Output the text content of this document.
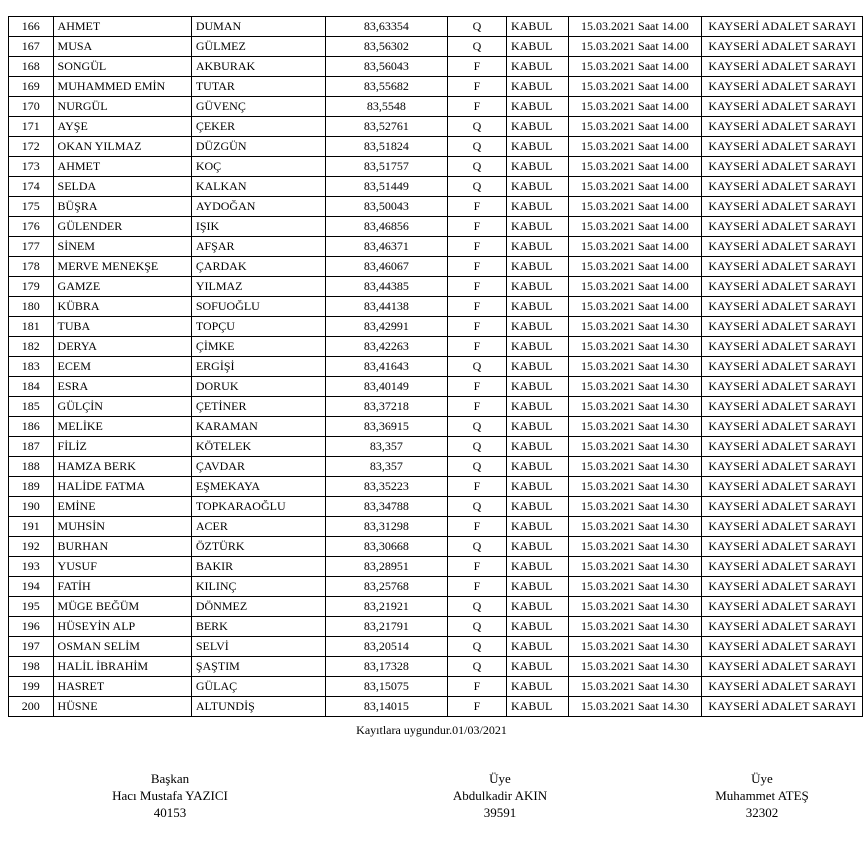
166	AHMET	DUMAN	83,63354	Q	KABUL	15.03.2021 Saat 14.00	KAYSERİ ADALET SARAYI
167	MUSA	GÜLMEZ	83,56302	Q	KABUL	15.03.2021 Saat 14.00	KAYSERİ ADALET SARAYI
168	SONGÜL	AKBURAK	83,56043	F	KABUL	15.03.2021 Saat 14.00	KAYSERİ ADALET SARAYI
169	MUHAMMED EMİN	TUTAR	83,55682	F	KABUL	15.03.2021 Saat 14.00	KAYSERİ ADALET SARAYI
170	NURGÜL	GÜVENÇ	83,5548	F	KABUL	15.03.2021 Saat 14.00	KAYSERİ ADALET SARAYI
171	AYŞE	ÇEKER	83,52761	Q	KABUL	15.03.2021 Saat 14.00	KAYSERİ ADALET SARAYI
172	OKAN YILMAZ	DÜZGÜN	83,51824	Q	KABUL	15.03.2021 Saat 14.00	KAYSERİ ADALET SARAYI
173	AHMET	KOÇ	83,51757	Q	KABUL	15.03.2021 Saat 14.00	KAYSERİ ADALET SARAYI
174	SELDA	KALKAN	83,51449	Q	KABUL	15.03.2021 Saat 14.00	KAYSERİ ADALET SARAYI
175	BÜŞRA	AYDOĞAN	83,50043	F	KABUL	15.03.2021 Saat 14.00	KAYSERİ ADALET SARAYI
176	GÜLENDER	IŞIK	83,46856	F	KABUL	15.03.2021 Saat 14.00	KAYSERİ ADALET SARAYI
177	SİNEM	AFŞAR	83,46371	F	KABUL	15.03.2021 Saat 14.00	KAYSERİ ADALET SARAYI
178	MERVE MENEKŞE	ÇARDAK	83,46067	F	KABUL	15.03.2021 Saat 14.00	KAYSERİ ADALET SARAYI
179	GAMZE	YILMAZ	83,44385	F	KABUL	15.03.2021 Saat 14.00	KAYSERİ ADALET SARAYI
180	KÜBRA	SOFUOĞLU	83,44138	F	KABUL	15.03.2021 Saat 14.00	KAYSERİ ADALET SARAYI
181	TUBA	TOPÇU	83,42991	F	KABUL	15.03.2021 Saat 14.30	KAYSERİ ADALET SARAYI
182	DERYA	ÇİMKE	83,42263	F	KABUL	15.03.2021 Saat 14.30	KAYSERİ ADALET SARAYI
183	ECEM	ERGİŞİ	83,41643	Q	KABUL	15.03.2021 Saat 14.30	KAYSERİ ADALET SARAYI
184	ESRA	DORUK	83,40149	F	KABUL	15.03.2021 Saat 14.30	KAYSERİ ADALET SARAYI
185	GÜLÇİN	ÇETİNER	83,37218	F	KABUL	15.03.2021 Saat 14.30	KAYSERİ ADALET SARAYI
186	MELİKE	KARAMAN	83,36915	Q	KABUL	15.03.2021 Saat 14.30	KAYSERİ ADALET SARAYI
187	FİLİZ	KÖTELEK	83,357	Q	KABUL	15.03.2021 Saat 14.30	KAYSERİ ADALET SARAYI
188	HAMZA BERK	ÇAVDAR	83,357	Q	KABUL	15.03.2021 Saat 14.30	KAYSERİ ADALET SARAYI
189	HALİDE FATMA	EŞMEKAYA	83,35223	F	KABUL	15.03.2021 Saat 14.30	KAYSERİ ADALET SARAYI
190	EMİNE	TOPKARAOĞLU	83,34788	Q	KABUL	15.03.2021 Saat 14.30	KAYSERİ ADALET SARAYI
191	MUHSİN	ACER	83,31298	F	KABUL	15.03.2021 Saat 14.30	KAYSERİ ADALET SARAYI
192	BURHAN	ÖZTÜRK	83,30668	Q	KABUL	15.03.2021 Saat 14.30	KAYSERİ ADALET SARAYI
193	YUSUF	BAKIR	83,28951	F	KABUL	15.03.2021 Saat 14.30	KAYSERİ ADALET SARAYI
194	FATİH	KILINÇ	83,25768	F	KABUL	15.03.2021 Saat 14.30	KAYSERİ ADALET SARAYI
195	MÜGE BEĞÜM	DÖNMEZ	83,21921	Q	KABUL	15.03.2021 Saat 14.30	KAYSERİ ADALET SARAYI
196	HÜSEYİN ALP	BERK	83,21791	Q	KABUL	15.03.2021 Saat 14.30	KAYSERİ ADALET SARAYI
197	OSMAN SELİM	SELVİ	83,20514	Q	KABUL	15.03.2021 Saat 14.30	KAYSERİ ADALET SARAYI
198	HALİL İBRAHİM	ŞAŞTIM	83,17328	Q	KABUL	15.03.2021 Saat 14.30	KAYSERİ ADALET SARAYI
199	HASRET	GÜLAÇ	83,15075	F	KABUL	15.03.2021 Saat 14.30	KAYSERİ ADALET SARAYI
200	HÜSNE	ALTUNDİŞ	83,14015	F	KABUL	15.03.2021 Saat 14.30	KAYSERİ ADALET SARAYI
Kayıtlara uygundur.01/03/2021
Başkan
Hacı Mustafa YAZICI
40153
Üye
Abdulkadir AKIN
39591
Üye
Muhammet ATEŞ
32302
